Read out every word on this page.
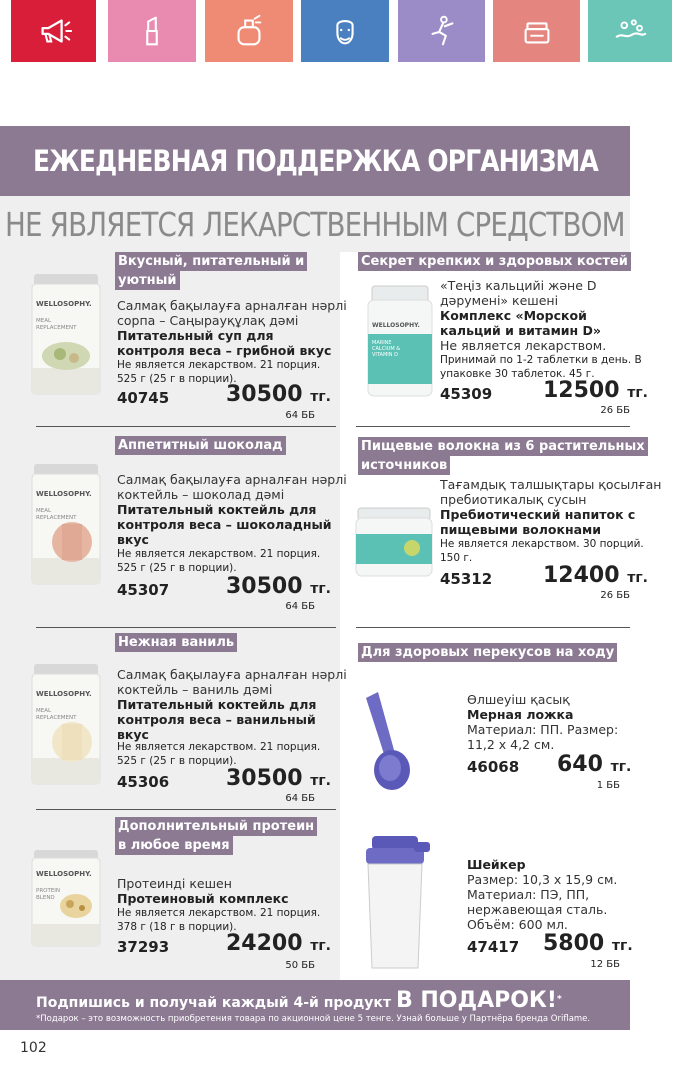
ЕЖЕДНЕВНАЯ ПОДДЕРЖКА ОРГАНИЗМА
НЕ ЯВЛЯЕТСЯ ЛЕКАРСТВЕННЫМ СРЕДСТВОМ
WELLOSOPHY.
MEAL REPLACEMENT
Вкусный, питательный и
уютный
Салмақ бақылауға арналған нәрлі
сорпа – Саңырауқұлақ дәмі
Питательный суп для
контроля веса – грибной вкус
Не является лекарством. 21 порция.
525 г (25 г в порции).
40745	30500 тг.
64 ББ
WELLOSOPHY.
MEAL REPLACEMENT
Аппетитный шоколад
Салмақ бақылауға арналған нәрлі
коктейль – шоколад дәмі
Питательный коктейль для
контроля веса – шоколадный
вкус
Не является лекарством. 21 порция.
525 г (25 г в порции).
45307	30500 тг.
64 ББ
WELLOSOPHY.
MEAL REPLACEMENT
Нежная ваниль
Салмақ бақылауға арналған нәрлі
коктейль – ваниль дәмі
Питательный коктейль для
контроля веса – ванильный
вкус
Не является лекарством. 21 порция.
525 г (25 г в порции).
45306	30500 тг.
64 ББ
WELLOSOPHY.
PROTEIN BLEND
Дополнительный протеин
в любое время
Протеинді кешен
Протеиновый комплекс
Не является лекарством. 21 порция.
378 г (18 г в порции).
37293	24200 тг.
50 ББ
Секрет крепких и здоровых костей
WELLOSOPHY.
MARINE CALCIUM & VITAMIN D
«Теңіз кальцийі және D
дәрумені» кешені
Комплекс «Морской
кальций и витамин D»
Не является лекарством.
Принимай по 1-2 таблетки в день. В
упаковке 30 таблеток. 45 г.
45309 12500 тг.
26 ББ
Пищевые волокна из 6 растительных
источников
Тағамдық талшықтары қосылған
пребиотикалық сусын
Пребиотический напиток с
пищевыми волокнами
Не является лекарством. 30 порций.
150 г.
45312 12400 тг.
26 ББ
Для здоровых перекусов на ходу
Өлшеуіш қасық
Мерная ложка
Материал: ПП. Размер:
11,2 x 4,2 см.
46068 640 тг.
1 ББ
Шейкер
Размер: 10,3 x 15,9 см.
Материал: ПЭ, ПП,
нержавеющая сталь.
Объём: 600 мл.
47417 5800 тг.
12 ББ
Подпишись и получай каждый 4-й продукт В ПОДАРОК!*
*Подарок – это возможность приобретения товара по акционной цене 5 тенге. Узнай больше у Партнёра бренда Oriflame.
102
